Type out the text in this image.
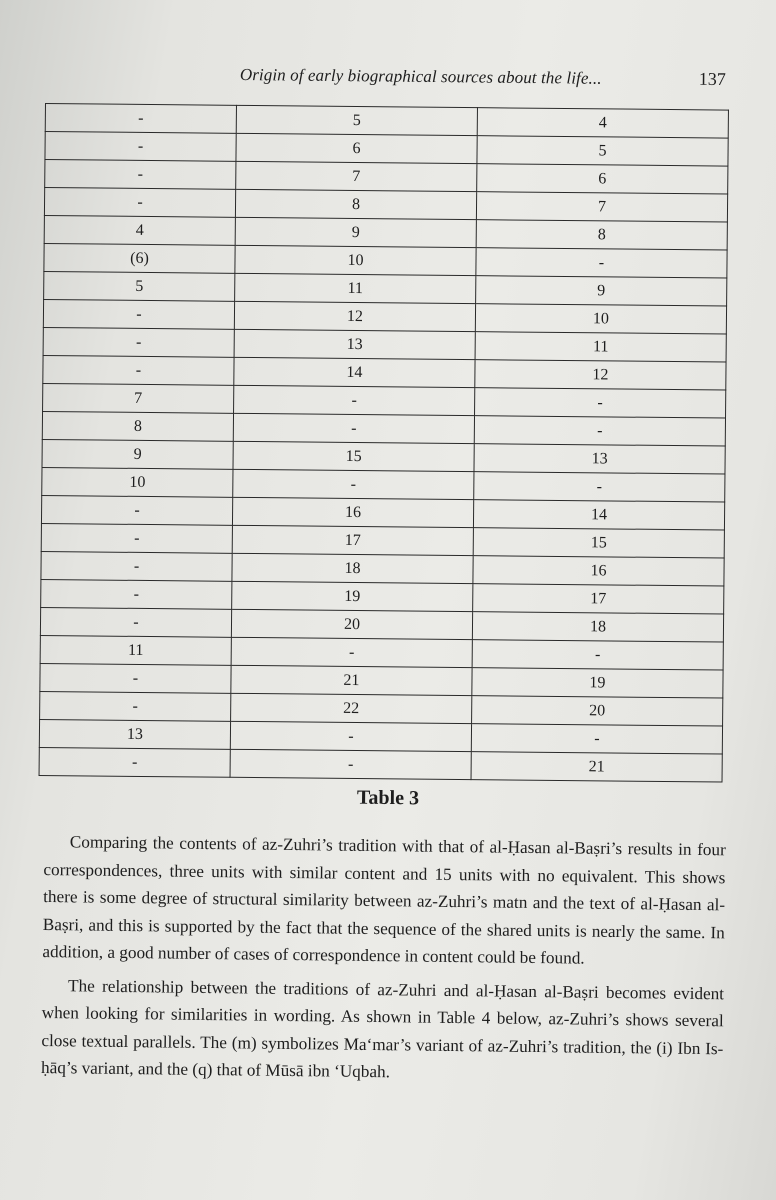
Origin of early biographical sources about the life...	137
-	5	4
-	6	5
-	7	6
-	8	7
4	9	8
(6)	10	-
5	11	9
-	12	10
-	13	11
-	14	12
7	-	-
8	-	-
9	15	13
10	-	-
-	16	14
-	17	15
-	18	16
-	19	17
-	20	18
11	-	-
-	21	19
-	22	20
13	-	-
-	-	21
Table 3

Comparing the contents of az-Zuhri’s tradition with that of al-Ḥasan al-Baṣri’s results in four correspondences, three units with similar content and 15 units with no equivalent. This shows there is some degree of structural similarity between az-Zuhri’s matn and the text of al-Ḥasan al-Baṣri, and this is supported by the fact that the sequence of the shared units is nearly the same. In addition, a good number of cases of correspondence in content could be found.

The relationship between the traditions of az-Zuhri and al-Ḥasan al-Baṣri becomes evident when looking for similarities in wording. As shown in Table 4 below, az-Zuhri’s shows several close textual parallels. The (m) symbolizes Ma‘mar’s variant of az-Zuhri’s tradition, the (i) Ibn Is-ḥāq’s variant, and the (q) that of Mūsā ibn ‘Uqbah.
